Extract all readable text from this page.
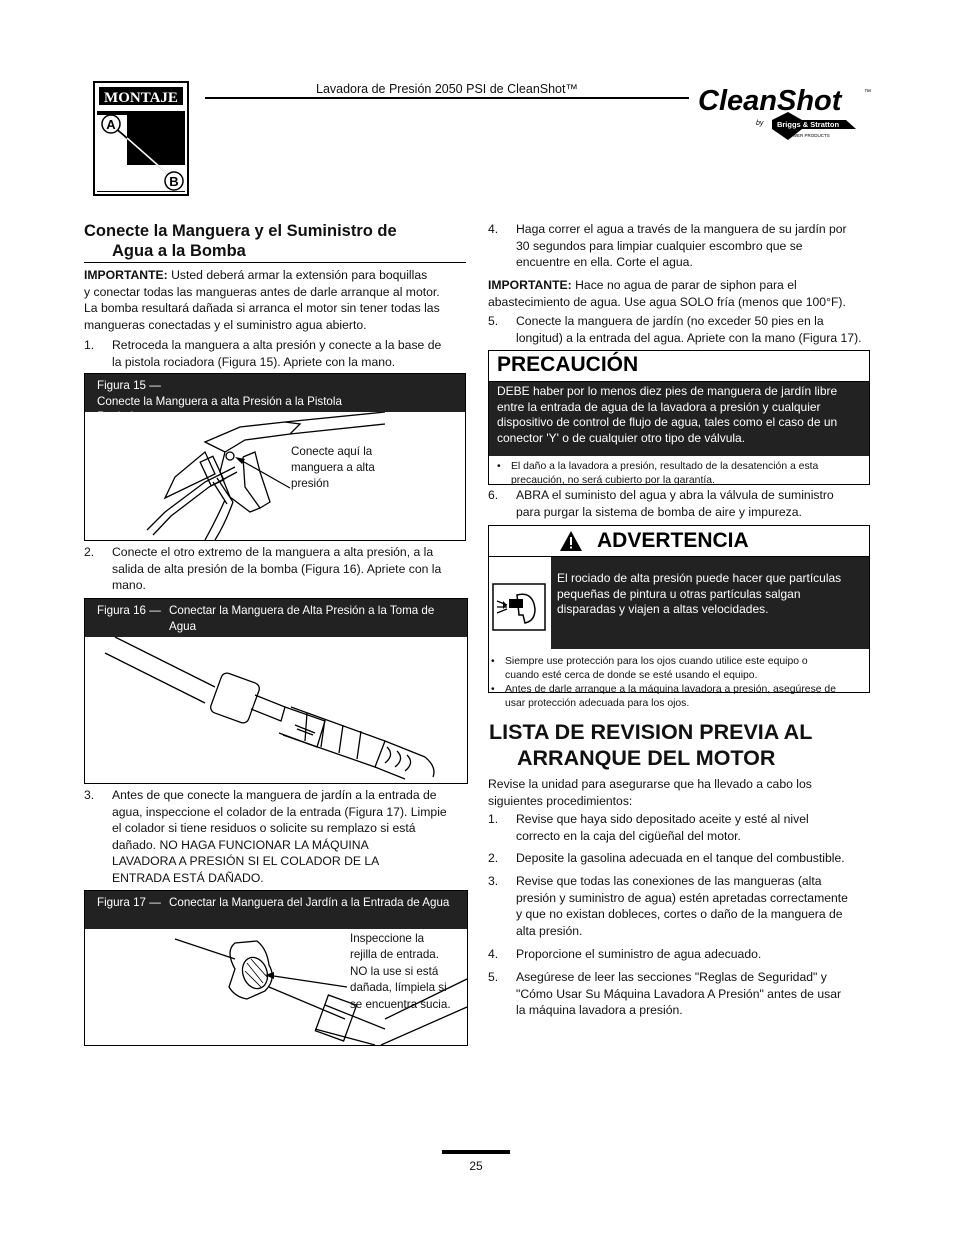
MONTAJE
A
B
Lavadora de Presión 2050 PSI de CleanShot™	CleanShot	™
by Briggs & Stratton
POWER PRODUCTS
Conecte la Manguera y el Suministro de
Agua a la Bomba
IMPORTANTE: Usted deberá armar la extensión para boquillas
y conectar todas las mangueras antes de darle arranque al motor.
La bomba resultará dañada si arranca el motor sin tener todas las
mangueras conectadas y el suministro agua abierto.
1. Retroceda la manguera a alta presión y conecte a la base de
la pistola rociadora (Figura 15). Apriete con la mano.
Figura 15 —Conecte la Manguera a alta Presión a la Pistola Rociadora
Conecte aquí la
manguera a alta
presión
2. Conecte el otro extremo de la manguera a alta presión, a la
salida de alta presión de la bomba (Figura 16). Apriete con la
mano.
Figura 16 — Conectar la Manguera de Alta Presión a la Toma de Agua
3. Antes de que conecte la manguera de jardín a la entrada de
agua, inspeccione el colador de la entrada (Figura 17). Limpie
el colador si tiene residuos o solicite su remplazo si está
dañado. NO HAGA FUNCIONAR LA MÁQUINA
LAVADORA A PRESIÓN SI EL COLADOR DE LA
ENTRADA ESTÁ DAÑADO.
Figura 17 — Conectar la Manguera del Jardín a la Entrada de Agua
Inspeccione la
rejilla de entrada.
NO la use si está
dañada, límpiela si
se encuentra sucia.
4. Haga correr el agua a través de la manguera de su jardín por
30 segundos para limpiar cualquier escombro que se
encuentre en ella. Corte el agua.
IMPORTANTE: Hace no agua de parar de siphon para el
abastecimiento de agua. Use agua SOLO fría (menos que 100°F).
5. Conecte la manguera de jardín (no exceder 50 pies en la
longitud) a la entrada del agua. Apriete con la mano (Figura 17).
PRECAUCIÓN
DEBE haber por lo menos diez pies de manguera de jardín libre
entre la entrada de agua de la lavadora a presión y cualquier
dispositivo de control de flujo de agua, tales como el caso de un
conector 'Y' o de cualquier otro tipo de válvula.
• El daño a la lavadora a presión, resultado de la desatención a esta
precaución, no será cubierto por la garantía.
6. ABRA el suministo del agua y abra la válvula de suministro
para purgar la sistema de bomba de aire y impureza.
ADVERTENCIA
El rociado de alta presión puede hacer que partículas
pequeñas de pintura u otras partículas salgan
disparadas y viajen a altas velocidades.
• Siempre use protección para los ojos cuando utilice este equipo o
cuando esté cerca de donde se esté usando el equipo.
• Antes de darle arranque a la máquina lavadora a presión, asegúrese de
usar protección adecuada para los ojos.
LISTA DE REVISION PREVIA AL
ARRANQUE DEL MOTOR
Revise la unidad para asegurarse que ha llevado a cabo los
siguientes procedimientos:
1. Revise que haya sido depositado aceite y esté al nivel
correcto en la caja del cigüeñal del motor.
2. Deposite la gasolina adecuada en el tanque del combustible.
3. Revise que todas las conexiones de las mangueras (alta
presión y suministro de agua) estén apretadas correctamente
y que no existan dobleces, cortes o daño de la manguera de
alta presión.
4. Proporcione el suministro de agua adecuado.
5. Asegúrese de leer las secciones "Reglas de Seguridad" y
"Cómo Usar Su Máquina Lavadora A Presión" antes de usar
la máquina lavadora a presión.
25
